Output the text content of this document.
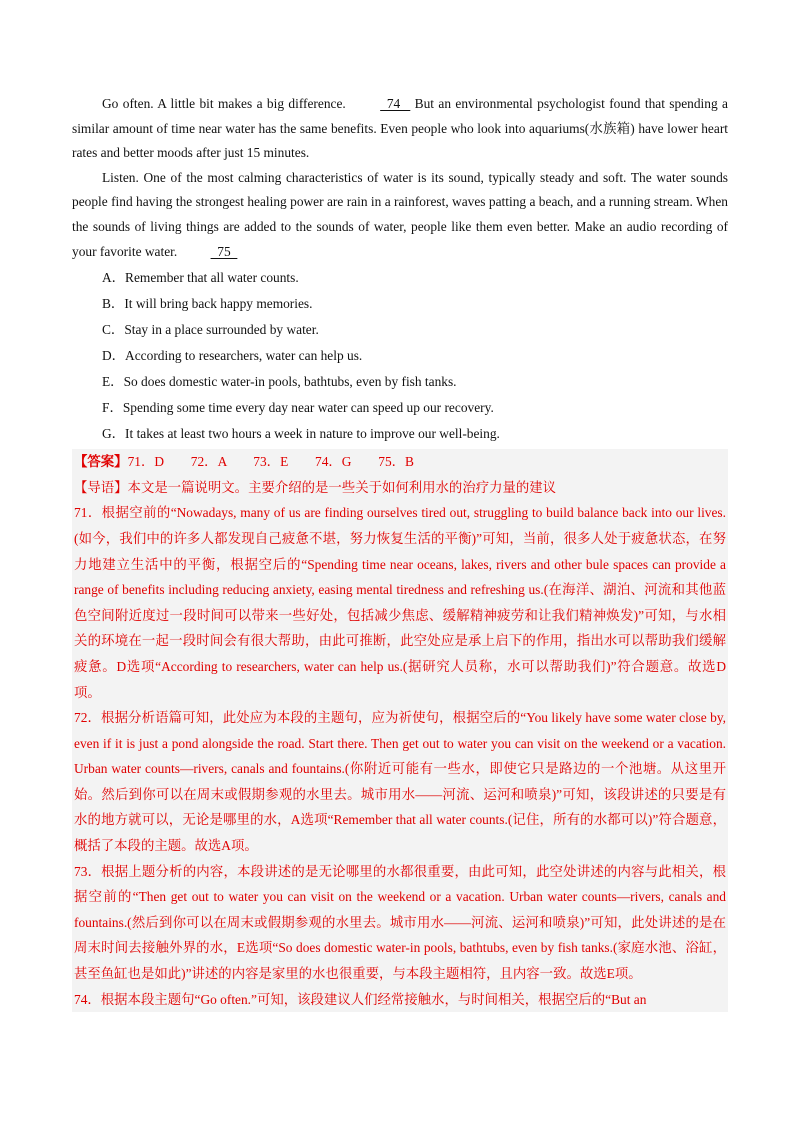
Go often. A little bit makes a big difference.   74    But an environmental psychologist found that spending a similar amount of time near water has the same benefits. Even people who look into aquariums(水族箱) have lower heart rates and better moods after just 15 minutes.

Listen. One of the most calming characteristics of water is its sound, typically steady and soft. The water sounds people find having the strongest healing power are rain in a rainforest, waves patting a beach, and a running stream. When the sounds of living things are added to the sounds of water, people like them even better. Make an audio recording of your favorite water.   75

A．Remember that all water counts.

B．It will bring back happy memories.

C．Stay in a place surrounded by water.

D．According to researchers, water can help us.

E．So does domestic water-in pools, bathtubs, even by fish tanks.

F．Spending some time every day near water can speed up our recovery.

G．It takes at least two hours a week in nature to improve our well-being.

【答案】71．D　　72．A　　73．E　　74．G　　75．B

【导语】本文是一篇说明文。主要介绍的是一些关于如何利用水的治疗力量的建议

71．根据空前的“Nowadays, many of us are finding ourselves tired out, struggling to build balance back into our lives.(如今，我们中的许多人都发现自己疲惫不堪，努力恢复生活的平衡)”可知，当前，很多人处于疲惫状态，在努力地建立生活中的平衡，根据空后的“Spending time near oceans, lakes, rivers and other bule spaces can provide a range of benefits including reducing anxiety, easing mental tiredness and refreshing us.(在海洋、湖泊、河流和其他蓝色空间附近度过一段时间可以带来一些好处，包括减少焦虑、缓解精神疲劳和让我们精神焕发)”可知，与水相关的环境在一起一段时间会有很大帮助，由此可推断，此空处应是承上启下的作用，指出水可以帮助我们缓解疲惫。D选项“According to researchers, water can help us.(据研究人员称，水可以帮助我们)”符合题意。故选D项。

72．根据分析语篇可知，此处应为本段的主题句，应为祈使句，根据空后的“You likely have some water close by, even if it is just a pond alongside the road. Start there. Then get out to water you can visit on the weekend or a vacation. Urban water counts—rivers, canals and fountains.(你附近可能有一些水，即使它只是路边的一个池塘。从这里开始。然后到你可以在周末或假期参观的水里去。城市用水——河流、运河和喷泉)”可知，该段讲述的只要是有水的地方就可以，无论是哪里的水，A选项“Remember that all water counts.(记住，所有的水都可以)”符合题意，概括了本段的主题。故选A项。

73．根据上题分析的内容，本段讲述的是无论哪里的水都很重要，由此可知，此空处讲述的内容与此相关，根据空前的“Then get out to water you can visit on the weekend or a vacation. Urban water counts—rivers, canals and fountains.(然后到你可以在周末或假期参观的水里去。城市用水——河流、运河和喷泉)”可知，此处讲述的是在周末时间去接触外界的水，E选项“So does domestic water-in pools, bathtubs, even by fish tanks.(家庭水池、浴缸，甚至鱼缸也是如此)”讲述的内容是家里的水也很重要，与本段主题相符，且内容一致。故选E项。

74．根据本段主题句“Go often.”可知，该段建议人们经常接触水，与时间相关，根据空后的“But an
